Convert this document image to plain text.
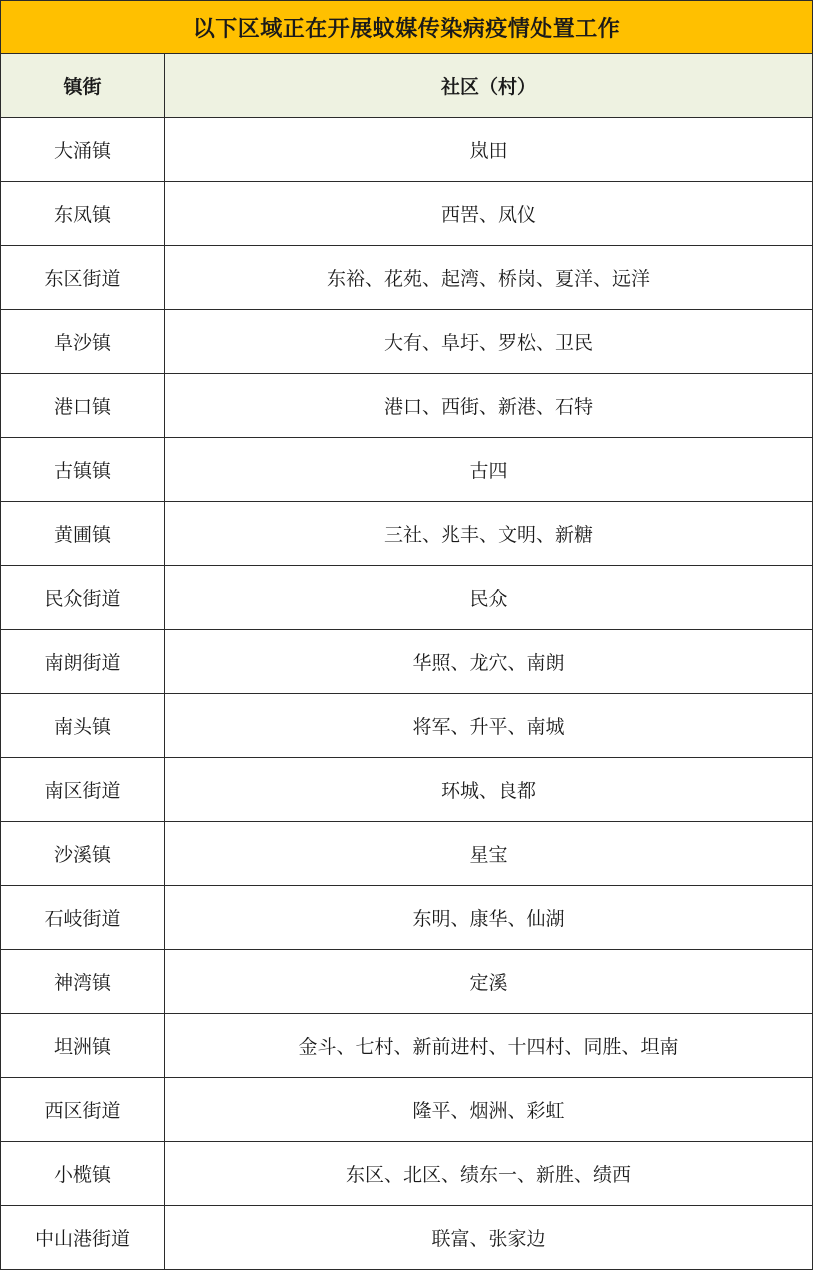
以下区域正在开展蚊媒传染病疫情处置工作	
镇街	社区（村）
大涌镇	岚田
东凤镇	西罟、凤仪
东区街道	东裕、花苑、起湾、桥岗、夏洋、远洋
阜沙镇	大有、阜圩、罗松、卫民
港口镇	港口、西街、新港、石特
古镇镇	古四
黄圃镇	三社、兆丰、文明、新糖
民众街道	民众
南朗街道	华照、龙穴、南朗
南头镇	将军、升平、南城
南区街道	环城、良都
沙溪镇	星宝
石岐街道	东明、康华、仙湖
神湾镇	定溪
坦洲镇	金斗、七村、新前进村、十四村、同胜、坦南
西区街道	隆平、烟洲、彩虹
小榄镇	东区、北区、绩东一、新胜、绩西
中山港街道	联富、张家边
